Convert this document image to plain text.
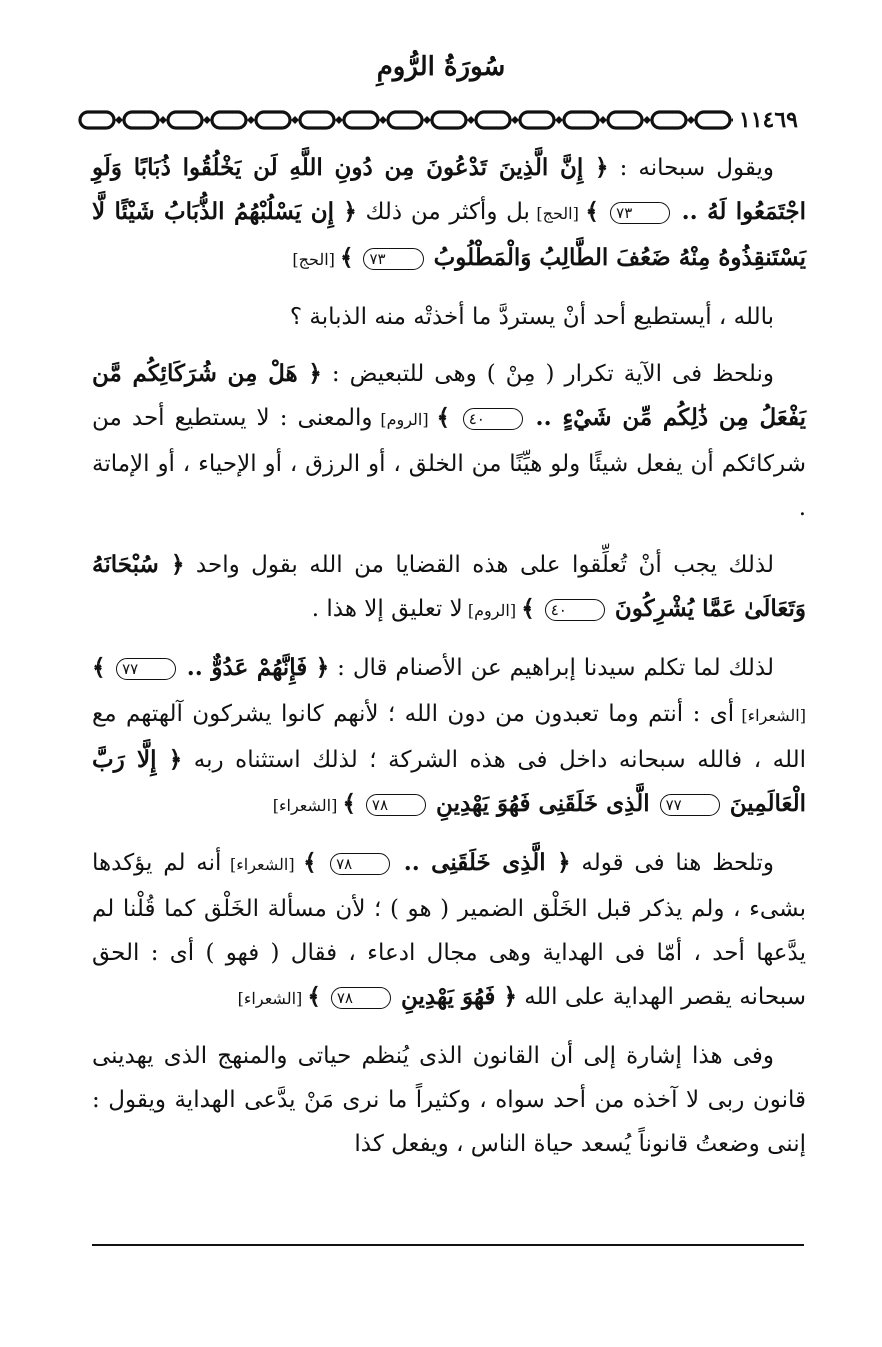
سُورَةُ الرُّومِ
١١٤٦٩

ويقول سبحانه : ﴿ إِنَّ الَّذِينَ تَدْعُونَ مِن دُونِ اللَّهِ لَن يَخْلُقُوا ذُبَابًا وَلَوِ اجْتَمَعُوا لَهُ .. ٧٣ ﴾ [الحج] بل وأكثر من ذلك ﴿ إِن يَسْلُبْهُمُ الذُّبَابُ شَيْئًا لَّا يَسْتَنقِذُوهُ مِنْهُ ضَعُفَ الطَّالِبُ وَالْمَطْلُوبُ ٧٣ ﴾ [الحج]

بالله ، أيستطيع أحد أنْ يستردَّ ما أخذتْه منه الذبابة ؟

ونلحظ فى الآية تكرار ( مِنْ ) وهى للتبعيض : ﴿ هَلْ مِن شُرَكَائِكُم مَّن يَفْعَلُ مِن ذَٰلِكُم مِّن شَيْءٍ .. ٤٠ ﴾ [الروم] والمعنى : لا يستطيع أحد من شركائكم أن يفعل شيئًا ولو هيِّنًا من الخلق ، أو الرزق ، أو الإحياء ، أو الإماتة .

لذلك يجب أنْ تُعلِّقوا على هذه القضايا من الله بقول واحد ﴿ سُبْحَانَهُ وَتَعَالَىٰ عَمَّا يُشْرِكُونَ ٤٠ ﴾ [الروم] لا تعليق إلا هذا .

لذلك لما تكلم سيدنا إبراهيم عن الأصنام قال : ﴿ فَإِنَّهُمْ عَدُوٌّ .. ٧٧ ﴾ [الشعراء] أى : أنتم وما تعبدون من دون الله ؛ لأنهم كانوا يشركون آلهتهم مع الله ، فالله سبحانه داخل فى هذه الشركة ؛ لذلك استثناه ربه ﴿ إِلَّا رَبَّ الْعَالَمِينَ ٧٧ الَّذِى خَلَقَنِى فَهُوَ يَهْدِينِ ٧٨ ﴾ [الشعراء]

وتلحظ هنا فى قوله ﴿ الَّذِى خَلَقَنِى .. ٧٨ ﴾ [الشعراء] أنه لم يؤكدها بشىء ، ولم يذكر قبل الخَلْق الضمير ( هو ) ؛ لأن مسألة الخَلْق كما قُلْنا لم يدَّعها أحد ، أمّا فى الهداية وهى مجال ادعاء ، فقال ( فهو ) أى : الحق سبحانه يقصر الهداية على الله ﴿ فَهُوَ يَهْدِينِ ٧٨ ﴾ [الشعراء]

وفى هذا إشارة إلى أن القانون الذى يُنظم حياتى والمنهج الذى يهدينى قانون ربى لا آخذه من أحد سواه ، وكثيراً ما نرى مَنْ يدَّعى الهداية ويقول : إننى وضعتُ قانوناً يُسعد حياة الناس ، ويفعل كذا
